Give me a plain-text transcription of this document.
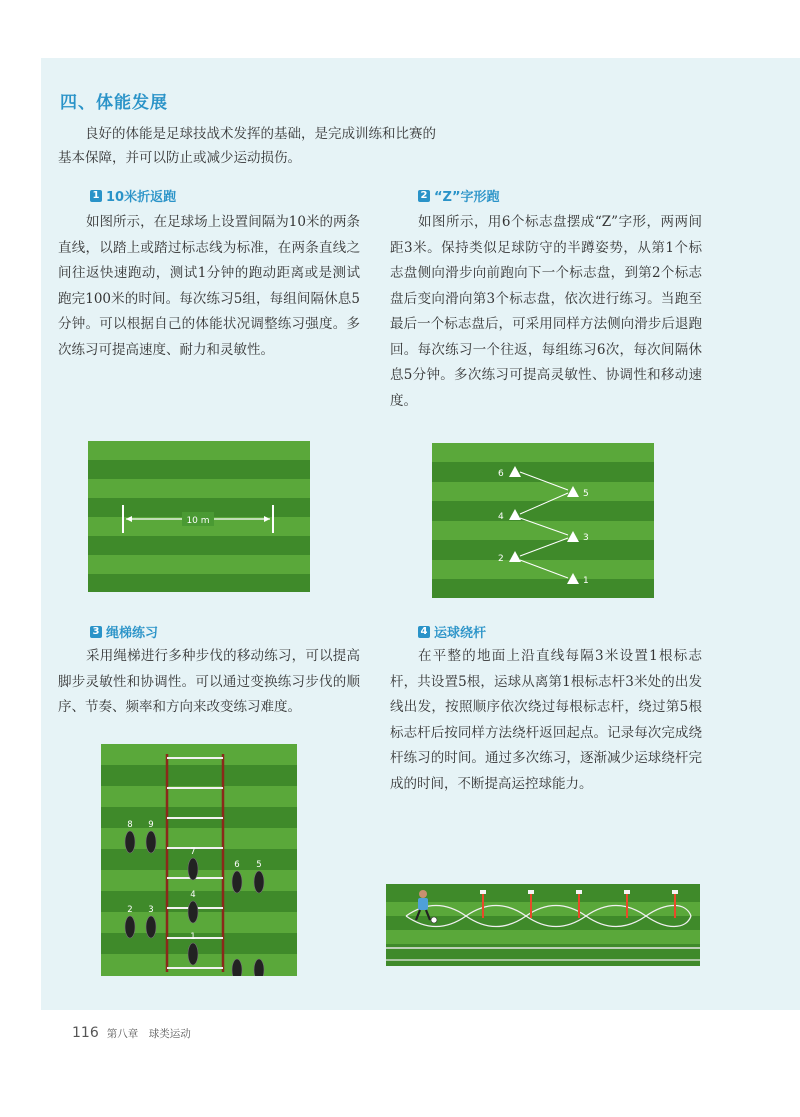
四、体能发展

良好的体能是足球技战术发挥的基础，是完成训练和比赛的

基本保障，并可以防止或减少运动损伤。

1 10米折返跑

如图所示，在足球场上设置间隔为10米的两条直线，以踏上或踏过标志线为标准，在两条直线之间往返快速跑动，测试1分钟的跑动距离或是测试跑完100米的时间。每次练习5组，每组间隔休息5分钟。可以根据自己的体能状况调整练习强度。多次练习可提高速度、耐力和灵敏性。

2 “Z”字形跑

如图所示，用6个标志盘摆成“Z”字形，两两间距3米。保持类似足球防守的半蹲姿势，从第1个标志盘侧向滑步向前跑向下一个标志盘，到第2个标志盘后变向滑向第3个标志盘，依次进行练习。当跑至最后一个标志盘后，可采用同样方法侧向滑步后退跑回。每次练习一个往返，每组练习6次，每次间隔休息5分钟。多次练习可提高灵敏性、协调性和移动速度。

10 m
6
5
4
3
2
1
3 绳梯练习

采用绳梯进行多种步伐的移动练习，可以提高脚步灵敏性和协调性。可以通过变换练习步伐的顺序、节奏、频率和方向来改变练习难度。

4 运球绕杆

在平整的地面上沿直线每隔3米设置1根标志杆，共设置5根，运球从离第1根标志杆3米处的出发线出发，按照顺序依次绕过每根标志杆，绕过第5根标志杆后按同样方法绕杆返回起点。记录每次完成绕杆练习的时间。通过多次练习，逐渐减少运球绕杆完成的时间，不断提高运控球能力。

8 9
7
6 5
4
2 3
1
116 第八章　球类运动
